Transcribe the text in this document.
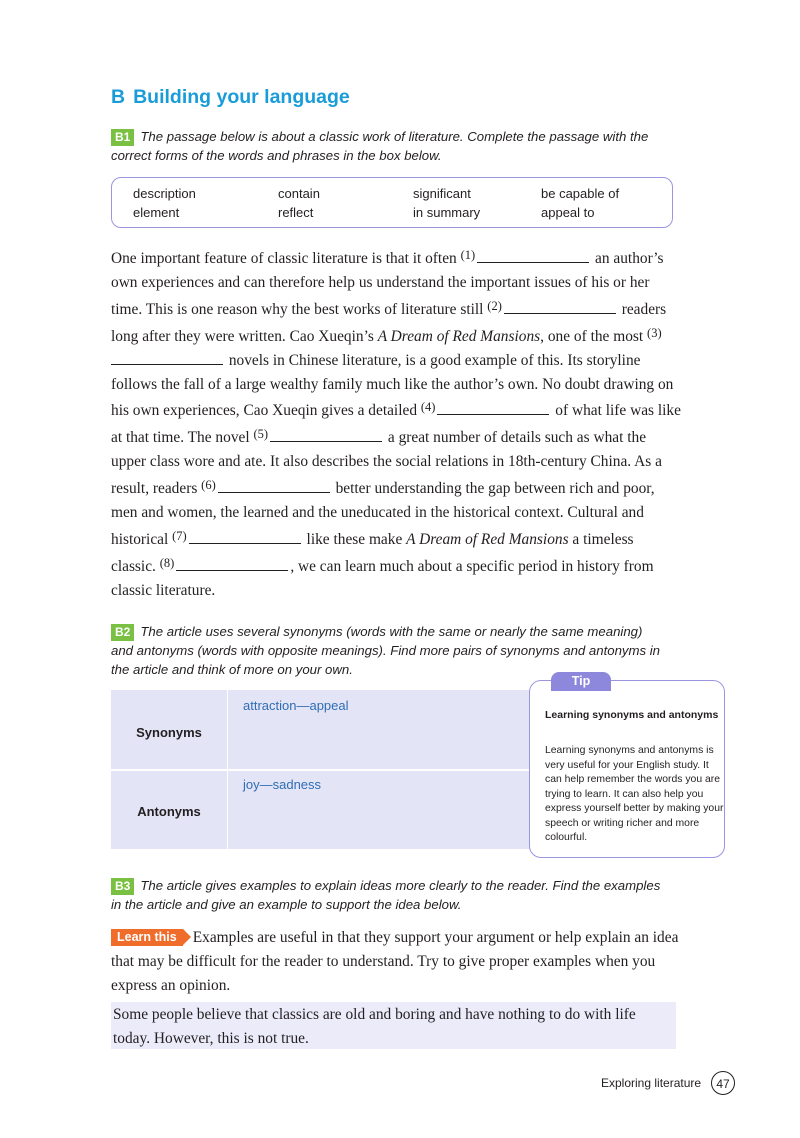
B Building your language
B1 The passage below is about a classic work of literature. Complete the passage with the correct forms of the words and phrases in the box below.
description	contain	significant	be capable of
element	reflect	in summary	appeal to

One important feature of classic literature is that it often $^{(1)}$	an author’s own experiences and can therefore help us understand the important issues of his or her time. This is one reason why the best works of literature still $^{(2)}$	readers long after they were written. Cao Xueqin’s A Dream of Red Mansions, one of the most $^{(3)}$ novels in Chinese literature, is a good example of this. Its storyline follows the fall of a large wealthy family much like the author’s own. No doubt drawing on his own experiences, Cao Xueqin gives a detailed $^{(4)}$	of what life was like at that time. The novel $^{(5)}$	a great number of details such as what the upper class wore and ate. It also describes the social relations in 18th-century China. As a result, readers $^{(6)}$	better understanding the gap between rich and poor, men and women, the learned and the uneducated in the historical context. Cultural and historical $^{(7)}$	like these make A Dream of Red Mansions a timeless classic. $^{(8)}$	, we can learn much about a specific period in history from classic literature.

B2 The article uses several synonyms (words with the same or nearly the same meaning) and antonyms (words with opposite meanings). Find more pairs of synonyms and antonyms in the article and think of more on your own.
Synonyms
attraction—appeal
Antonyms
joy—sadness
Tip
Learning synonyms and antonyms
Learning synonyms and antonyms is very useful for your English study. It can help remember the words you are trying to learn. It can also help you express yourself better by making your speech or writing richer and more colourful.
B3 The article gives examples to explain ideas more clearly to the reader. Find the examples in the article and give an example to support the idea below.
Learn this Examples are useful in that they support your argument or help explain an idea that may be difficult for the reader to understand. Try to give proper examples when you express an opinion.
Some people believe that classics are old and boring and have nothing to do with life today. However, this is not true.
Exploring literature	47
